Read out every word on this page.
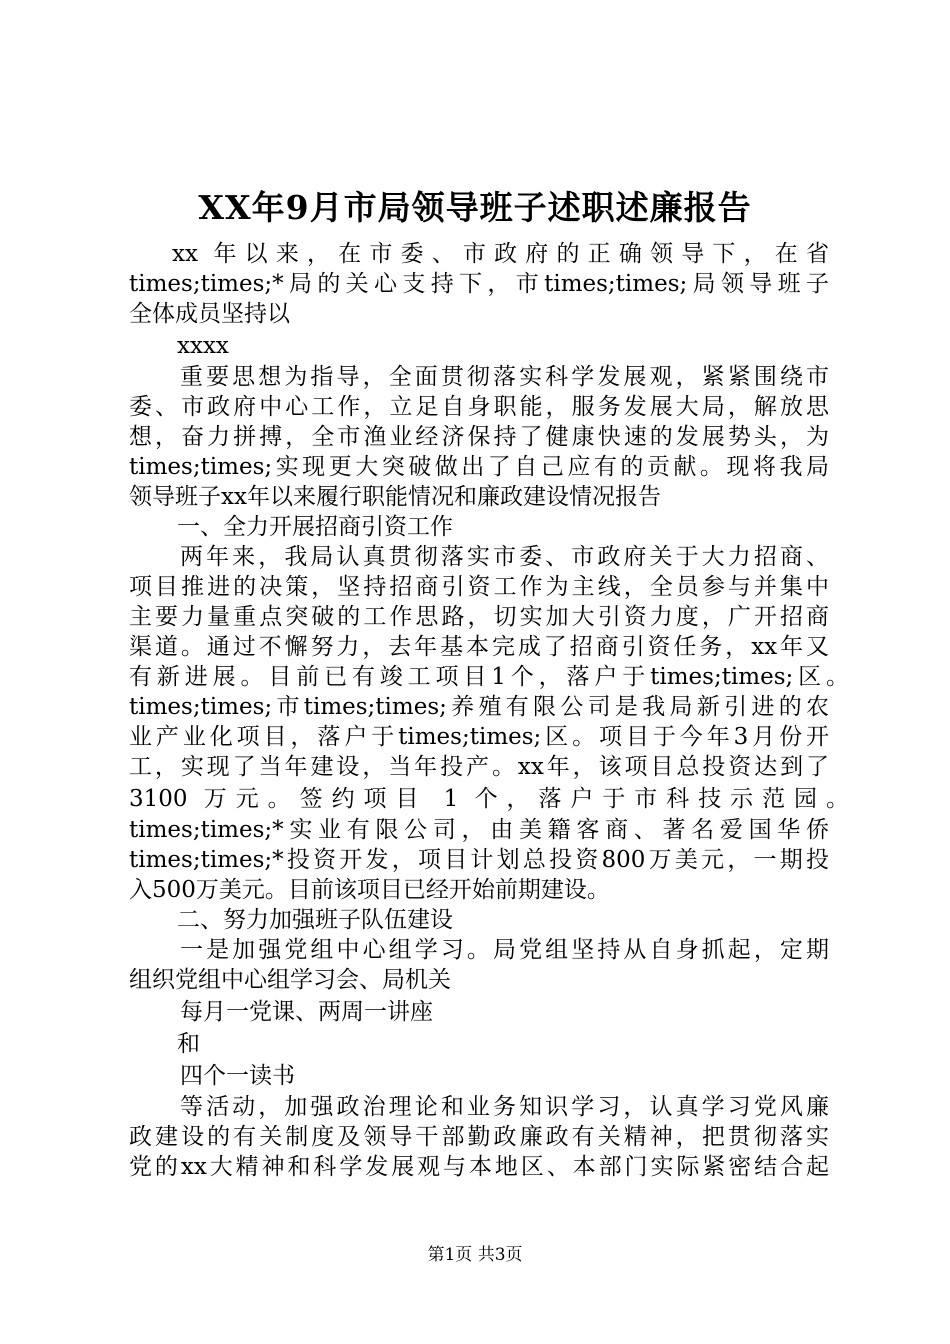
XX年9月市局领导班子述职述廉报告
xx 年以来，在市委、市政府的正确领导下，在省
times;times;*局的关心支持下，市times;times;局领导班子
全体成员坚持以
xxxx
重要思想为指导，全面贯彻落实科学发展观，紧紧围绕市
委、市政府中心工作，立足自身职能，服务发展大局，解放思
想，奋力拼搏，全市渔业经济保持了健康快速的发展势头，为
times;times;实现更大突破做出了自己应有的贡献。现将我局
领导班子xx年以来履行职能情况和廉政建设情况报告
一、全力开展招商引资工作
两年来，我局认真贯彻落实市委、市政府关于大力招商、
项目推进的决策，坚持招商引资工作为主线，全员参与并集中
主要力量重点突破的工作思路，切实加大引资力度，广开招商
渠道。通过不懈努力，去年基本完成了招商引资任务，xx年又
有新进展。目前已有竣工项目1个，落户于times;times;区。
times;times;市times;times;养殖有限公司是我局新引进的农
业产业化项目，落户于times;times;区。项目于今年3月份开
工，实现了当年建设，当年投产。xx年，该项目总投资达到了
3100 万元。签约项目 1 个，落户于市科技示范园。
times;times;*实业有限公司，由美籍客商、著名爱国华侨
times;times;*投资开发，项目计划总投资800万美元，一期投
入500万美元。目前该项目已经开始前期建设。
二、努力加强班子队伍建设
一是加强党组中心组学习。局党组坚持从自身抓起，定期
组织党组中心组学习会、局机关
每月一党课、两周一讲座
和
四个一读书
等活动，加强政治理论和业务知识学习，认真学习党风廉
政建设的有关制度及领导干部勤政廉政有关精神，把贯彻落实
党的xx大精神和科学发展观与本地区、本部门实际紧密结合起
第1页 共3页
